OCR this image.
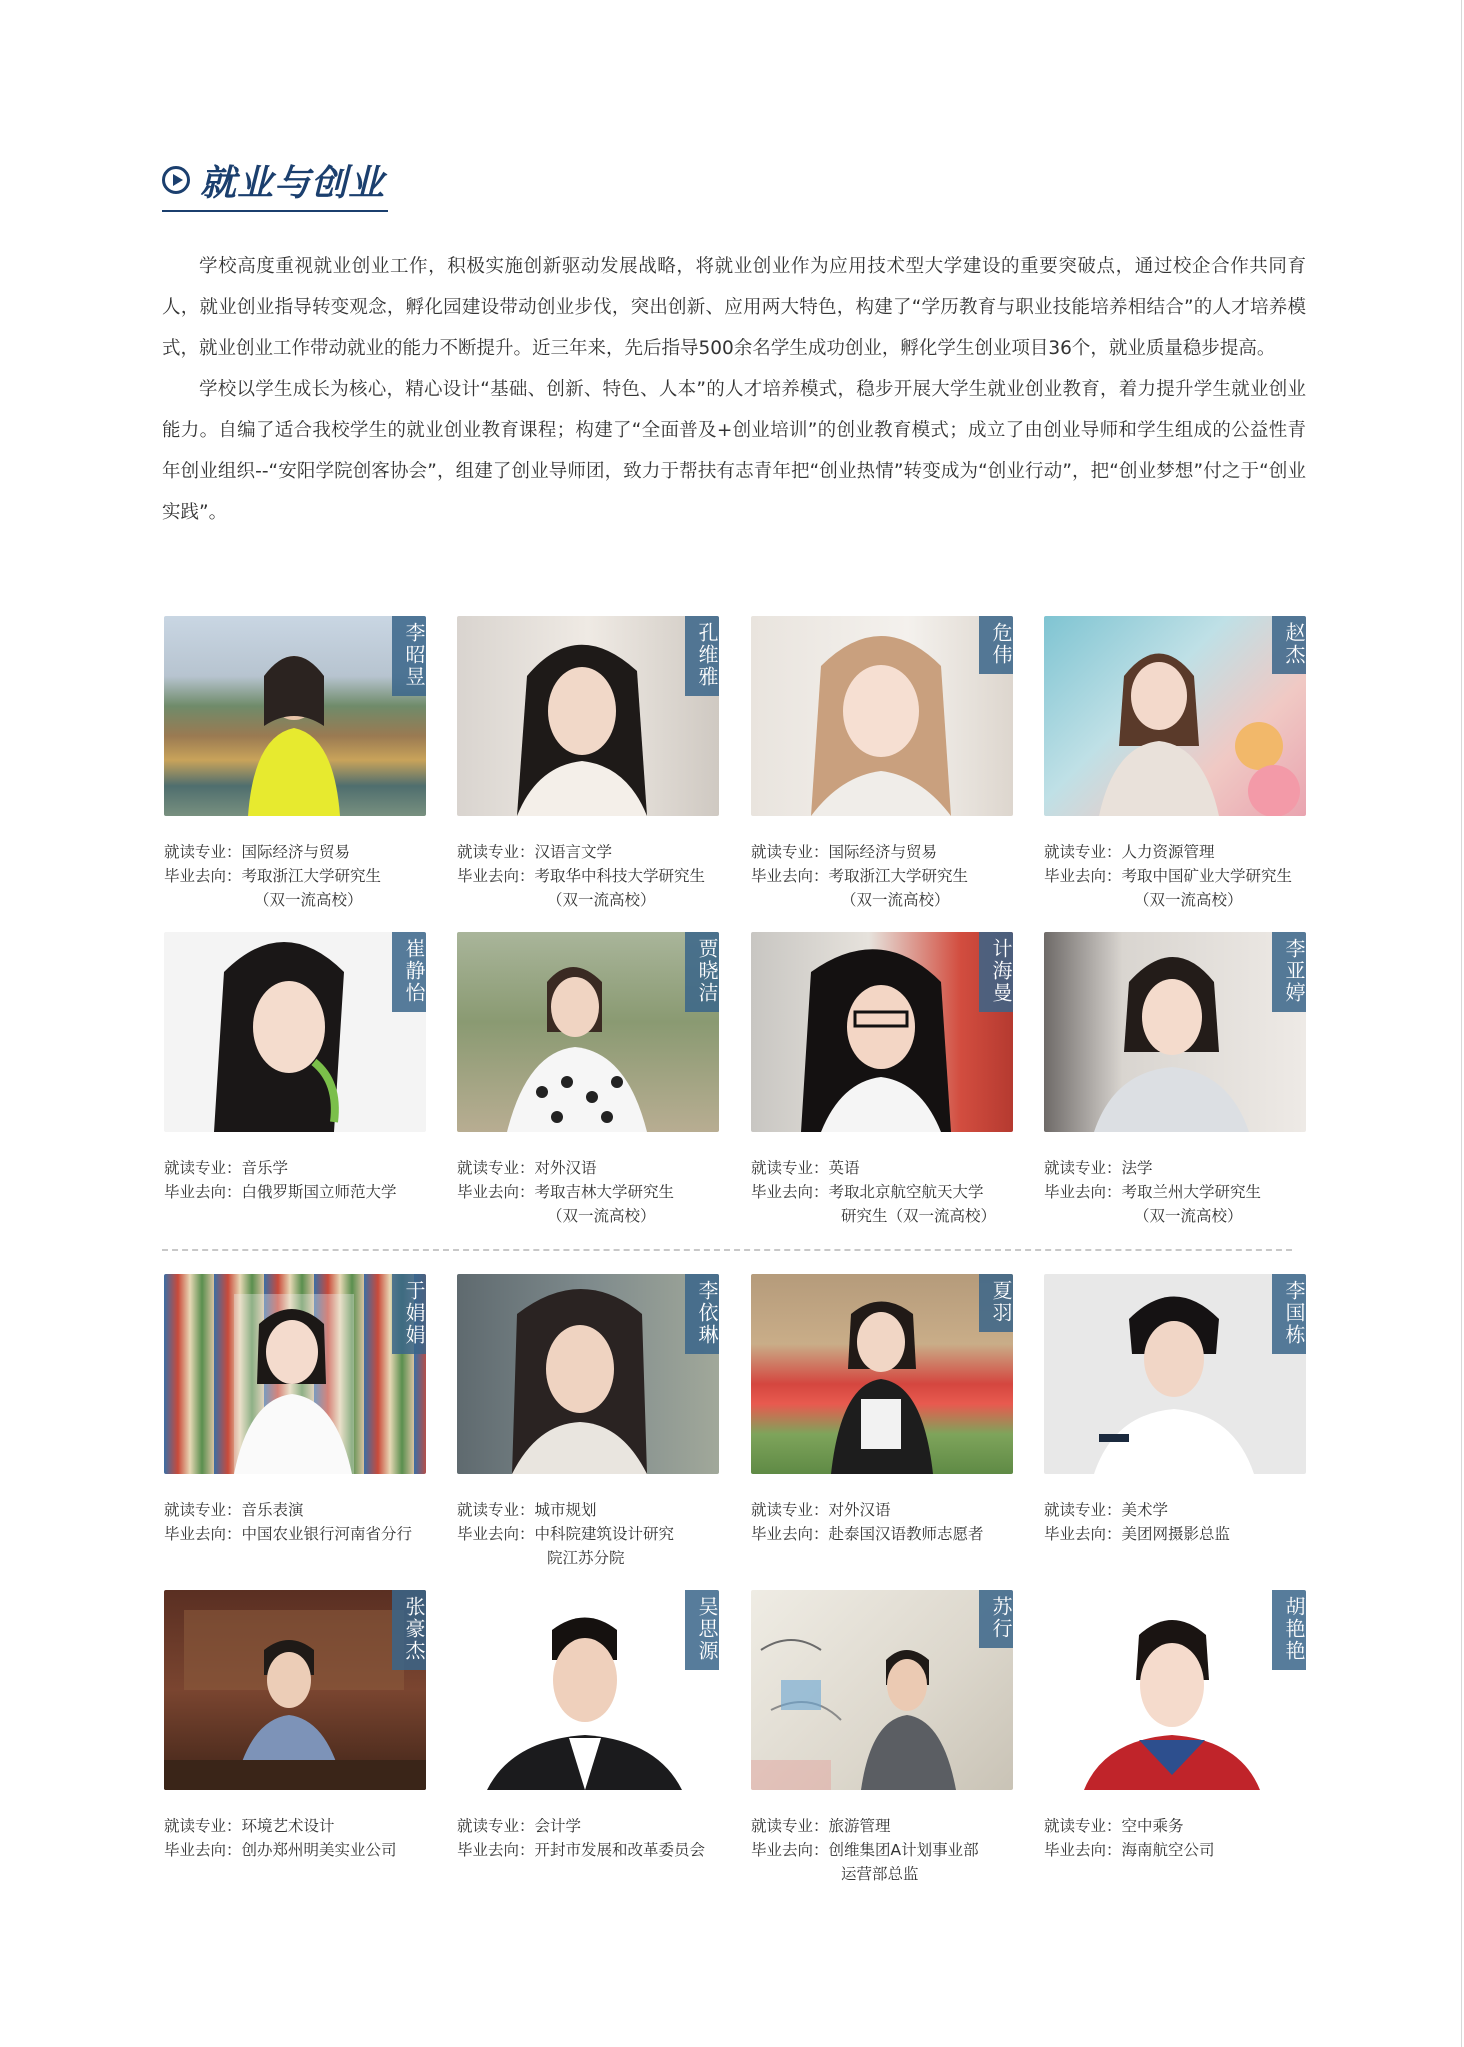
就业与创业

学校高度重视就业创业工作，积极实施创新驱动发展战略，将就业创业作为应用技术型大学建设的重要突破点，通过校企合作共同育人，就业创业指导转变观念，孵化园建设带动创业步伐，突出创新、应用两大特色，构建了“学历教育与职业技能培养相结合”的人才培养模式，就业创业工作带动就业的能力不断提升。近三年来，先后指导500余名学生成功创业，孵化学生创业项目36个，就业质量稳步提高。

学校以学生成长为核心，精心设计“基础、创新、特色、人本”的人才培养模式，稳步开展大学生就业创业教育，着力提升学生就业创业能力。自编了适合我校学生的就业创业教育课程；构建了“全面普及+创业培训”的创业教育模式；成立了由创业导师和学生组成的公益性青年创业组织--“安阳学院创客协会”，组建了创业导师团，致力于帮扶有志青年把“创业热情”转变成为“创业行动”，把“创业梦想”付之于“创业实践”。

李昭昱
就读专业： 国际经济与贸易
毕业去向： 考取浙江大学研究生
（双一流高校）
孔维雅
就读专业： 汉语言文学
毕业去向： 考取华中科技大学研究生
（双一流高校）
危伟
就读专业： 国际经济与贸易
毕业去向： 考取浙江大学研究生
（双一流高校）
赵杰
就读专业： 人力资源管理
毕业去向： 考取中国矿业大学研究生
（双一流高校）
崔静怡
就读专业： 音乐学
毕业去向： 白俄罗斯国立师范大学
贾晓洁
就读专业： 对外汉语
毕业去向： 考取吉林大学研究生
（双一流高校）
计海曼
就读专业： 英语
毕业去向： 考取北京航空航天大学
研究生（双一流高校）
李亚婷
就读专业： 法学
毕业去向： 考取兰州大学研究生
（双一流高校）
于娟娟
就读专业： 音乐表演
毕业去向： 中国农业银行河南省分行
李依琳
就读专业： 城市规划
毕业去向： 中科院建筑设计研究
院江苏分院
夏羽
就读专业： 对外汉语
毕业去向： 赴泰国汉语教师志愿者
李国栋
就读专业： 美术学
毕业去向： 美团网摄影总监
张豪杰
就读专业： 环境艺术设计
毕业去向： 创办郑州明美实业公司
吴思源
就读专业： 会计学
毕业去向： 开封市发展和改革委员会
苏行
就读专业： 旅游管理
毕业去向： 创维集团A计划事业部
运营部总监
胡艳艳
就读专业： 空中乘务
毕业去向： 海南航空公司
